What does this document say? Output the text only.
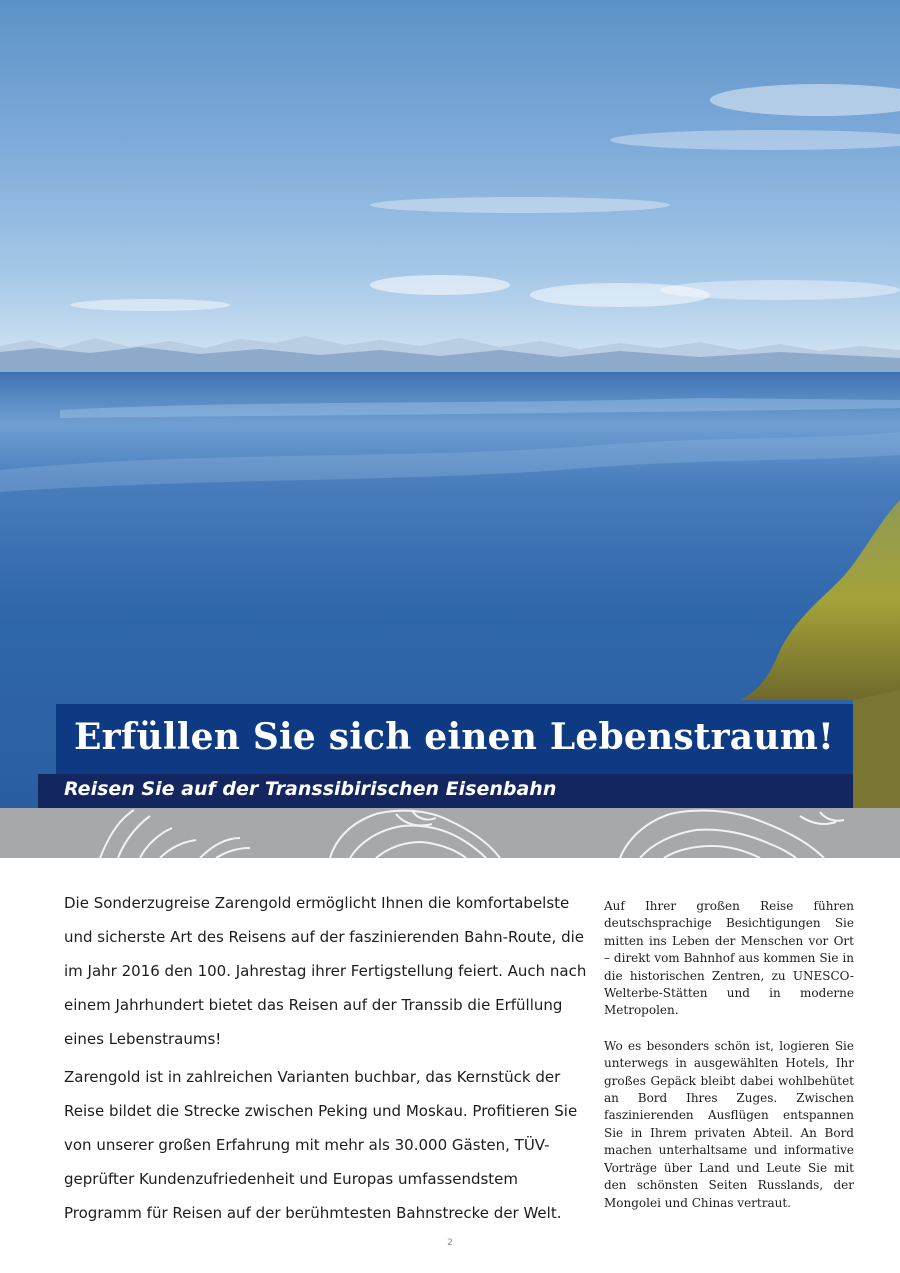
Erfüllen Sie sich einen Lebenstraum!
Reisen Sie auf der Transsibirischen Eisenbahn

Die Sonderzugreise Zarengold ermöglicht Ihnen die komfortabelste und sicherste Art des Reisens auf der faszinierenden Bahn-Route, die im Jahr 2016 den 100. Jahrestag ihrer Fertigstellung feiert. Auch nach einem Jahrhundert bietet das Reisen auf der Transsib die Erfüllung eines Lebenstraums!

Zarengold ist in zahlreichen Varianten buchbar, das Kernstück der Reise bildet die Strecke zwischen Peking und Moskau. Profitieren Sie von unserer großen Erfahrung mit mehr als 30.000 Gästen, TÜV-geprüfter Kundenzufriedenheit und Europas umfassendstem Programm für Reisen auf der berühmtesten Bahnstrecke der Welt.

Auf Ihrer großen Reise führen deutschsprachige Besichtigungen Sie mitten ins Leben der Menschen vor Ort – direkt vom Bahnhof aus kommen Sie in die historischen Zentren, zu UNESCO-Welterbe-Stätten und in moderne Metropolen.

Wo es besonders schön ist, logieren Sie unterwegs in ausgewählten Hotels, Ihr großes Gepäck bleibt dabei wohlbehütet an Bord Ihres Zuges. Zwischen faszinierenden Ausflügen entspannen Sie in Ihrem privaten Abteil. An Bord machen unterhaltsame und informative Vorträge über Land und Leute Sie mit den schönsten Seiten Russlands, der Mongolei und Chinas vertraut.

2
